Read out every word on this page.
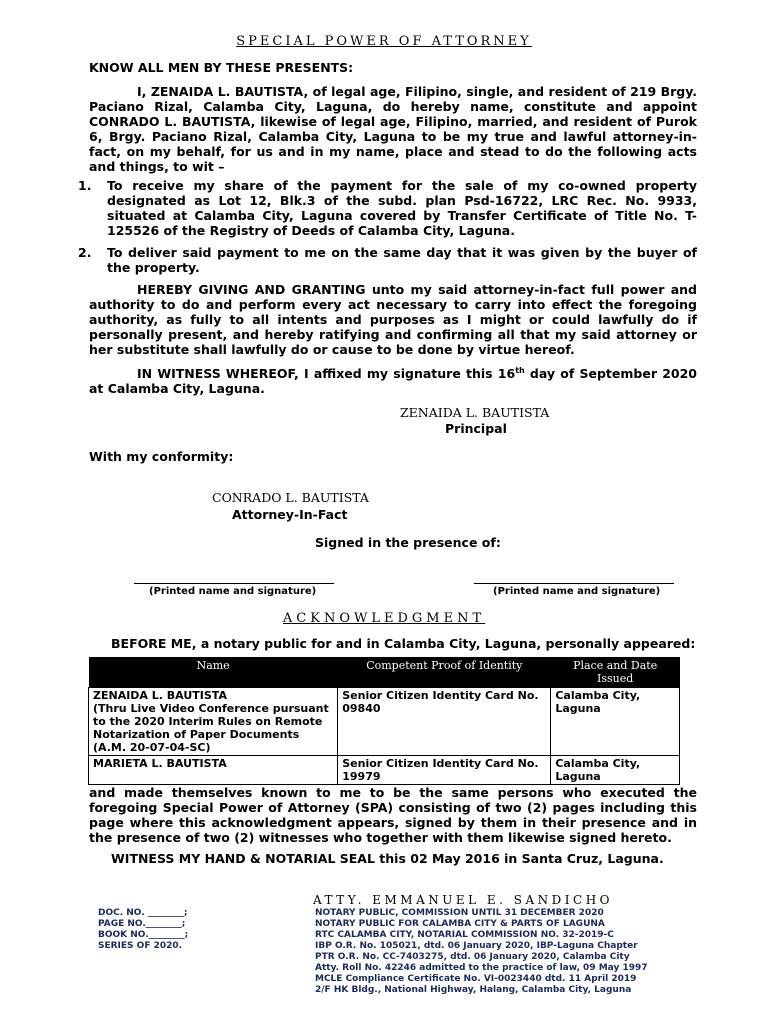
SPECIAL POWER OF ATTORNEY
KNOW ALL MEN BY THESE PRESENTS:
I, ZENAIDA L. BAUTISTA, of legal age, Filipino, single, and resident of 219 Brgy. Paciano Rizal, Calamba City, Laguna, do hereby name, constitute and appoint CONRADO L. BAUTISTA, likewise of legal age, Filipino, married, and resident of Purok 6, Brgy. Paciano Rizal, Calamba City, Laguna to be my true and lawful attorney-in-fact, on my behalf, for us and in my name, place and stead to do the following acts and things, to wit –
1.	To receive my share of the payment for the sale of my co-owned property designated as Lot 12, Blk.3 of the subd. plan Psd-16722, LRC Rec. No. 9933, situated at Calamba City, Laguna covered by Transfer Certificate of Title No. T-125526 of the Registry of Deeds of Calamba City, Laguna.
2.	To deliver said payment to me on the same day that it was given by the buyer of the property.
HEREBY GIVING AND GRANTING unto my said attorney-in-fact full power and authority to do and perform every act necessary to carry into effect the foregoing authority, as fully to all intents and purposes as I might or could lawfully do if personally present, and hereby ratifying and confirming all that my said attorney or her substitute shall lawfully do or cause to be done by virtue hereof.
IN WITNESS WHEREOF, I affixed my signature this 16th day of September 2020 at Calamba City, Laguna.
ZENAIDA L. BAUTISTA
Principal
With my conformity:
CONRADO L. BAUTISTA
Attorney-In-Fact
Signed in the presence of:
(Printed name and signature)	(Printed name and signature)
ACKNOWLEDGMENT
BEFORE ME, a notary public for and in Calamba City, Laguna, personally appeared:
Name	Competent Proof of Identity	Place and Date Issued
ZENAIDA L. BAUTISTA
(Thru Live Video Conference pursuant to the 2020 Interim Rules on Remote Notarization of Paper Documents (A.M. 20-07-04-SC)	Senior Citizen Identity Card No. 09840	Calamba City, Laguna
MARIETA L. BAUTISTA	Senior Citizen Identity Card No. 19979	Calamba City, Laguna
and made themselves known to me to be the same persons who executed the foregoing Special Power of Attorney (SPA) consisting of two (2) pages including this page where this acknowledgment appears, signed by them in their presence and in the presence of two (2) witnesses who together with them likewise signed hereto.
WITNESS MY HAND & NOTARIAL SEAL this 02 May 2016 in Santa Cruz, Laguna.
ATTY. EMMANUEL E. SANDICHO
DOC. NO. ________;
PAGE NO.________;
BOOK NO.________;
SERIES OF 2020.
NOTARY PUBLIC, COMMISSION UNTIL 31 DECEMBER 2020
NOTARY PUBLIC FOR CALAMBA CITY & PARTS OF LAGUNA
RTC CALAMBA CITY, NOTARIAL COMMISSION NO. 32-2019-C
IBP O.R. No. 105021, dtd. 06 January 2020, IBP-Laguna Chapter
PTR O.R. No. CC-7403275, dtd. 06 January 2020, Calamba City
Atty. Roll No. 42246 admitted to the practice of law, 09 May 1997
MCLE Compliance Certificate No. VI-0023440 dtd. 11 April 2019
2/F HK Bldg., National Highway, Halang, Calamba City, Laguna
